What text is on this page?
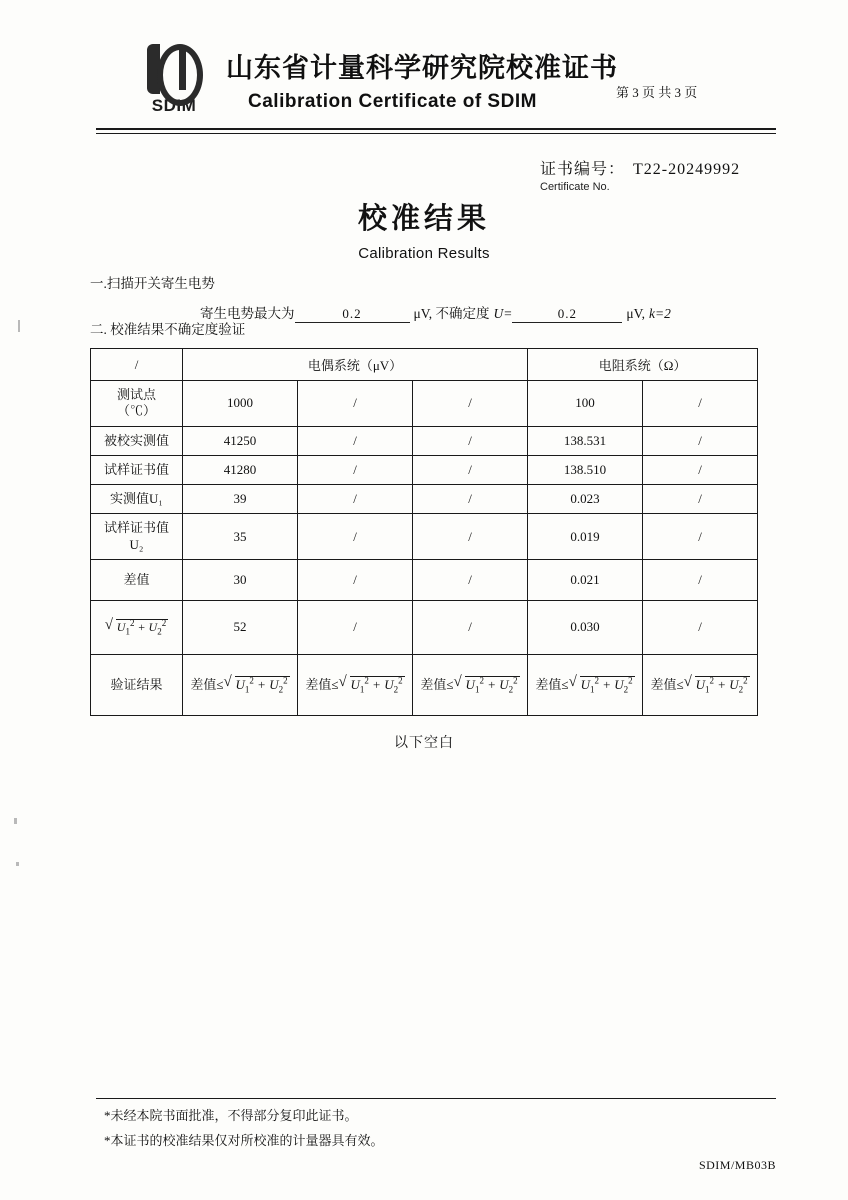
SDIM
山东省计量科学研究院校准证书
Calibration Certificate of SDIM	第 3 页 共 3 页
证书编号： T22-20249992
Certificate No.
校准结果
Calibration Results
一.扫描开关寄生电势
寄生电势最大为	0.2	μV, 不确定度 U=	0.2	μV, k=2
二. 校准结果不确定度验证
/	电偶系统（μV）			电阻系统（Ω）	

测试点
（℃）	1000	/	/	100	/
被校实测值	41250	/	/	138.531	/
试样证书值	41280	/	/	138.510	/
实测值U₁	39	/	/	0.023	/

试样证书值
U₂	35	/	/	0.019	/
差值	30	/	/	0.021	/

√ $U_1^2 + U_2^2$	52	/	/	0.030	/
验证结果	差值≤ √ $U_1^2 + U_2^2$	差值≤ √ $U_1^2 + U_2^2$	差值≤ √ $U_1^2 + U_2^2$	差值≤ √ $U_1^2 + U_2^2$	差值≤ √ $U_1^2 + U_2^2$
以下空白
*未经本院书面批准，不得部分复印此证书。
*本证书的校准结果仅对所校准的计量器具有效。
SDIM/MB03B
